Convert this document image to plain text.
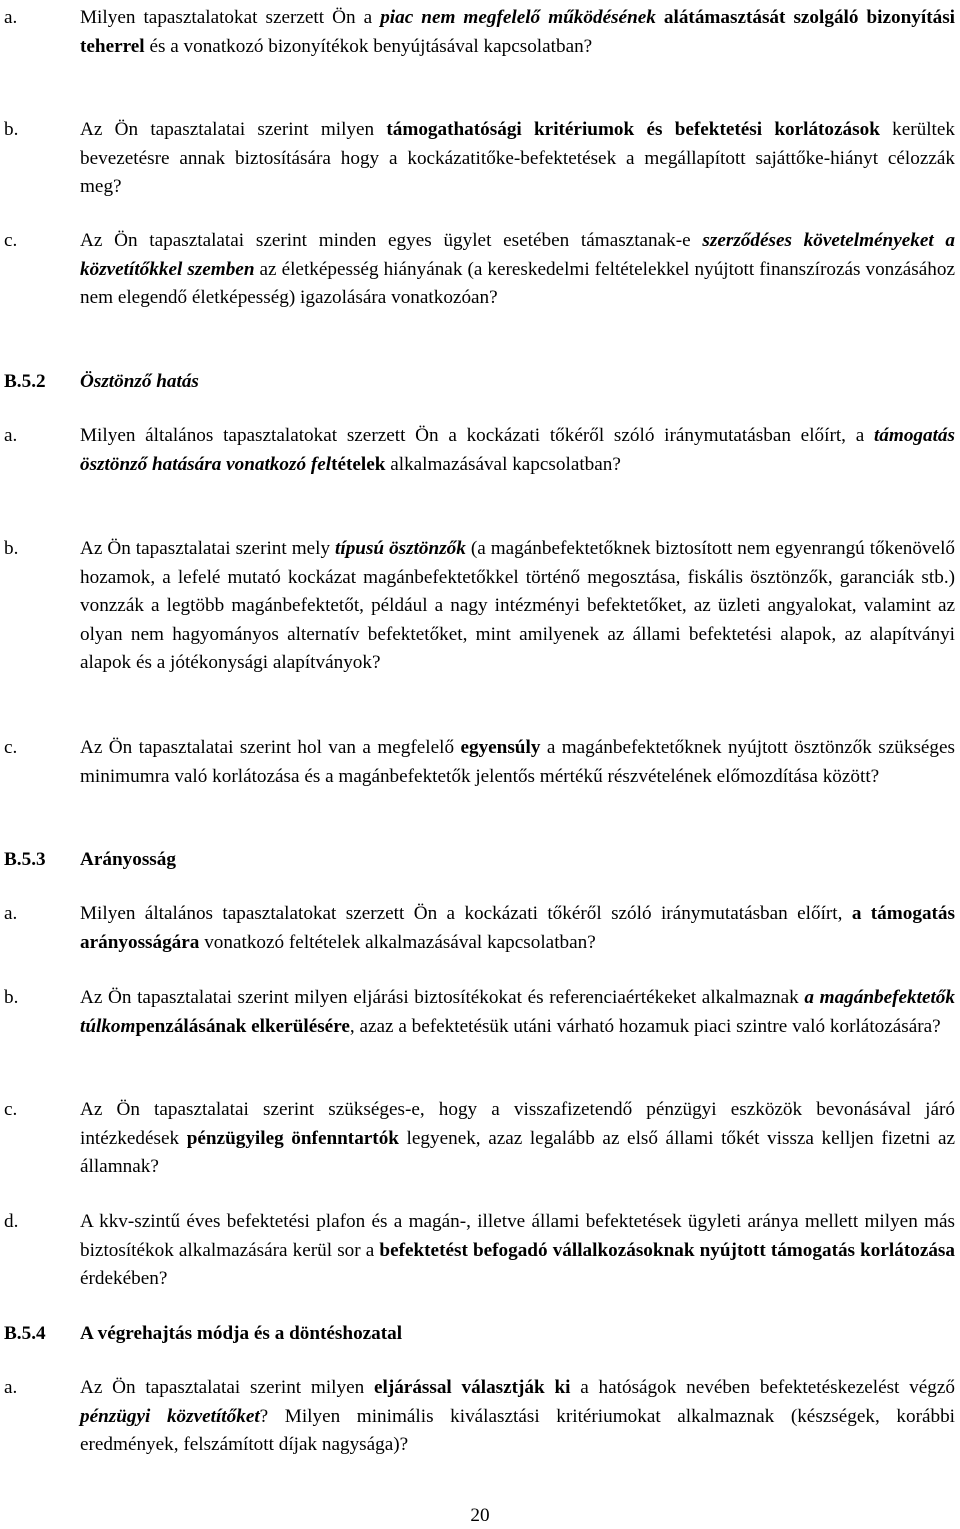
a.	Milyen tapasztalatokat szerzett Ön a piac nem megfelelő működésének alátámasztását szolgáló bizonyítási teherrel és a vonatkozó bizonyítékok benyújtásával kapcsolatban?
b.	Az Ön tapasztalatai szerint milyen támogathatósági kritériumok és befektetési korlátozások kerültek bevezetésre annak biztosítására hogy a kockázatitőke-befektetések a megállapított sajáttőke-hiányt célozzák meg?
c.	Az Ön tapasztalatai szerint minden egyes ügylet esetében támasztanak-e szerződéses követelményeket a közvetítőkkel szemben az életképesség hiányának (a kereskedelmi feltételekkel nyújtott finanszírozás vonzásához nem elegendő életképesség) igazolására vonatkozóan?
B.5.2	Ösztönző hatás
a.	Milyen általános tapasztalatokat szerzett Ön a kockázati tőkéről szóló iránymutatásban előírt, a támogatás ösztönző hatására vonatkozó feltételek alkalmazásával kapcsolatban?
b.	Az Ön tapasztalatai szerint mely típusú ösztönzők (a magánbefektetőknek biztosított nem egyenrangú tőkenövelő hozamok, a lefelé mutató kockázat magánbefektetőkkel történő megosztása, fiskális ösztönzők, garanciák stb.) vonzzák a legtöbb magánbefektetőt, például a nagy intézményi befektetőket, az üzleti angyalokat, valamint az olyan nem hagyományos alternatív befektetőket, mint amilyenek az állami befektetési alapok, az alapítványi alapok és a jótékonysági alapítványok?
c.	Az Ön tapasztalatai szerint hol van a megfelelő egyensúly a magánbefektetőknek nyújtott ösztönzők szükséges minimumra való korlátozása és a magánbefektetők jelentős mértékű részvételének előmozdítása között?
B.5.3	Arányosság
a.	Milyen általános tapasztalatokat szerzett Ön a kockázati tőkéről szóló iránymutatásban előírt, a támogatás arányosságára vonatkozó feltételek alkalmazásával kapcsolatban?
b.	Az Ön tapasztalatai szerint milyen eljárási biztosítékokat és referenciaértékeket alkalmaznak a magánbefektetők túlkompenzálásának elkerülésére, azaz a befektetésük utáni várható hozamuk piaci szintre való korlátozására?
c.	Az Ön tapasztalatai szerint szükséges-e, hogy a visszafizetendő pénzügyi eszközök bevonásával járó intézkedések pénzügyileg önfenntartók legyenek, azaz legalább az első állami tőkét vissza kelljen fizetni az államnak?
d.	A kkv-szintű éves befektetési plafon és a magán-, illetve állami befektetések ügyleti aránya mellett milyen más biztosítékok alkalmazására kerül sor a befektetést befogadó vállalkozásoknak nyújtott támogatás korlátozása érdekében?
B.5.4	A végrehajtás módja és a döntéshozatal
a.	Az Ön tapasztalatai szerint milyen eljárással választják ki a hatóságok nevében befektetéskezelést végző pénzügyi közvetítőket? Milyen minimális kiválasztási kritériumokat alkalmaznak (készségek, korábbi eredmények, felszámított díjak nagysága)?
20
